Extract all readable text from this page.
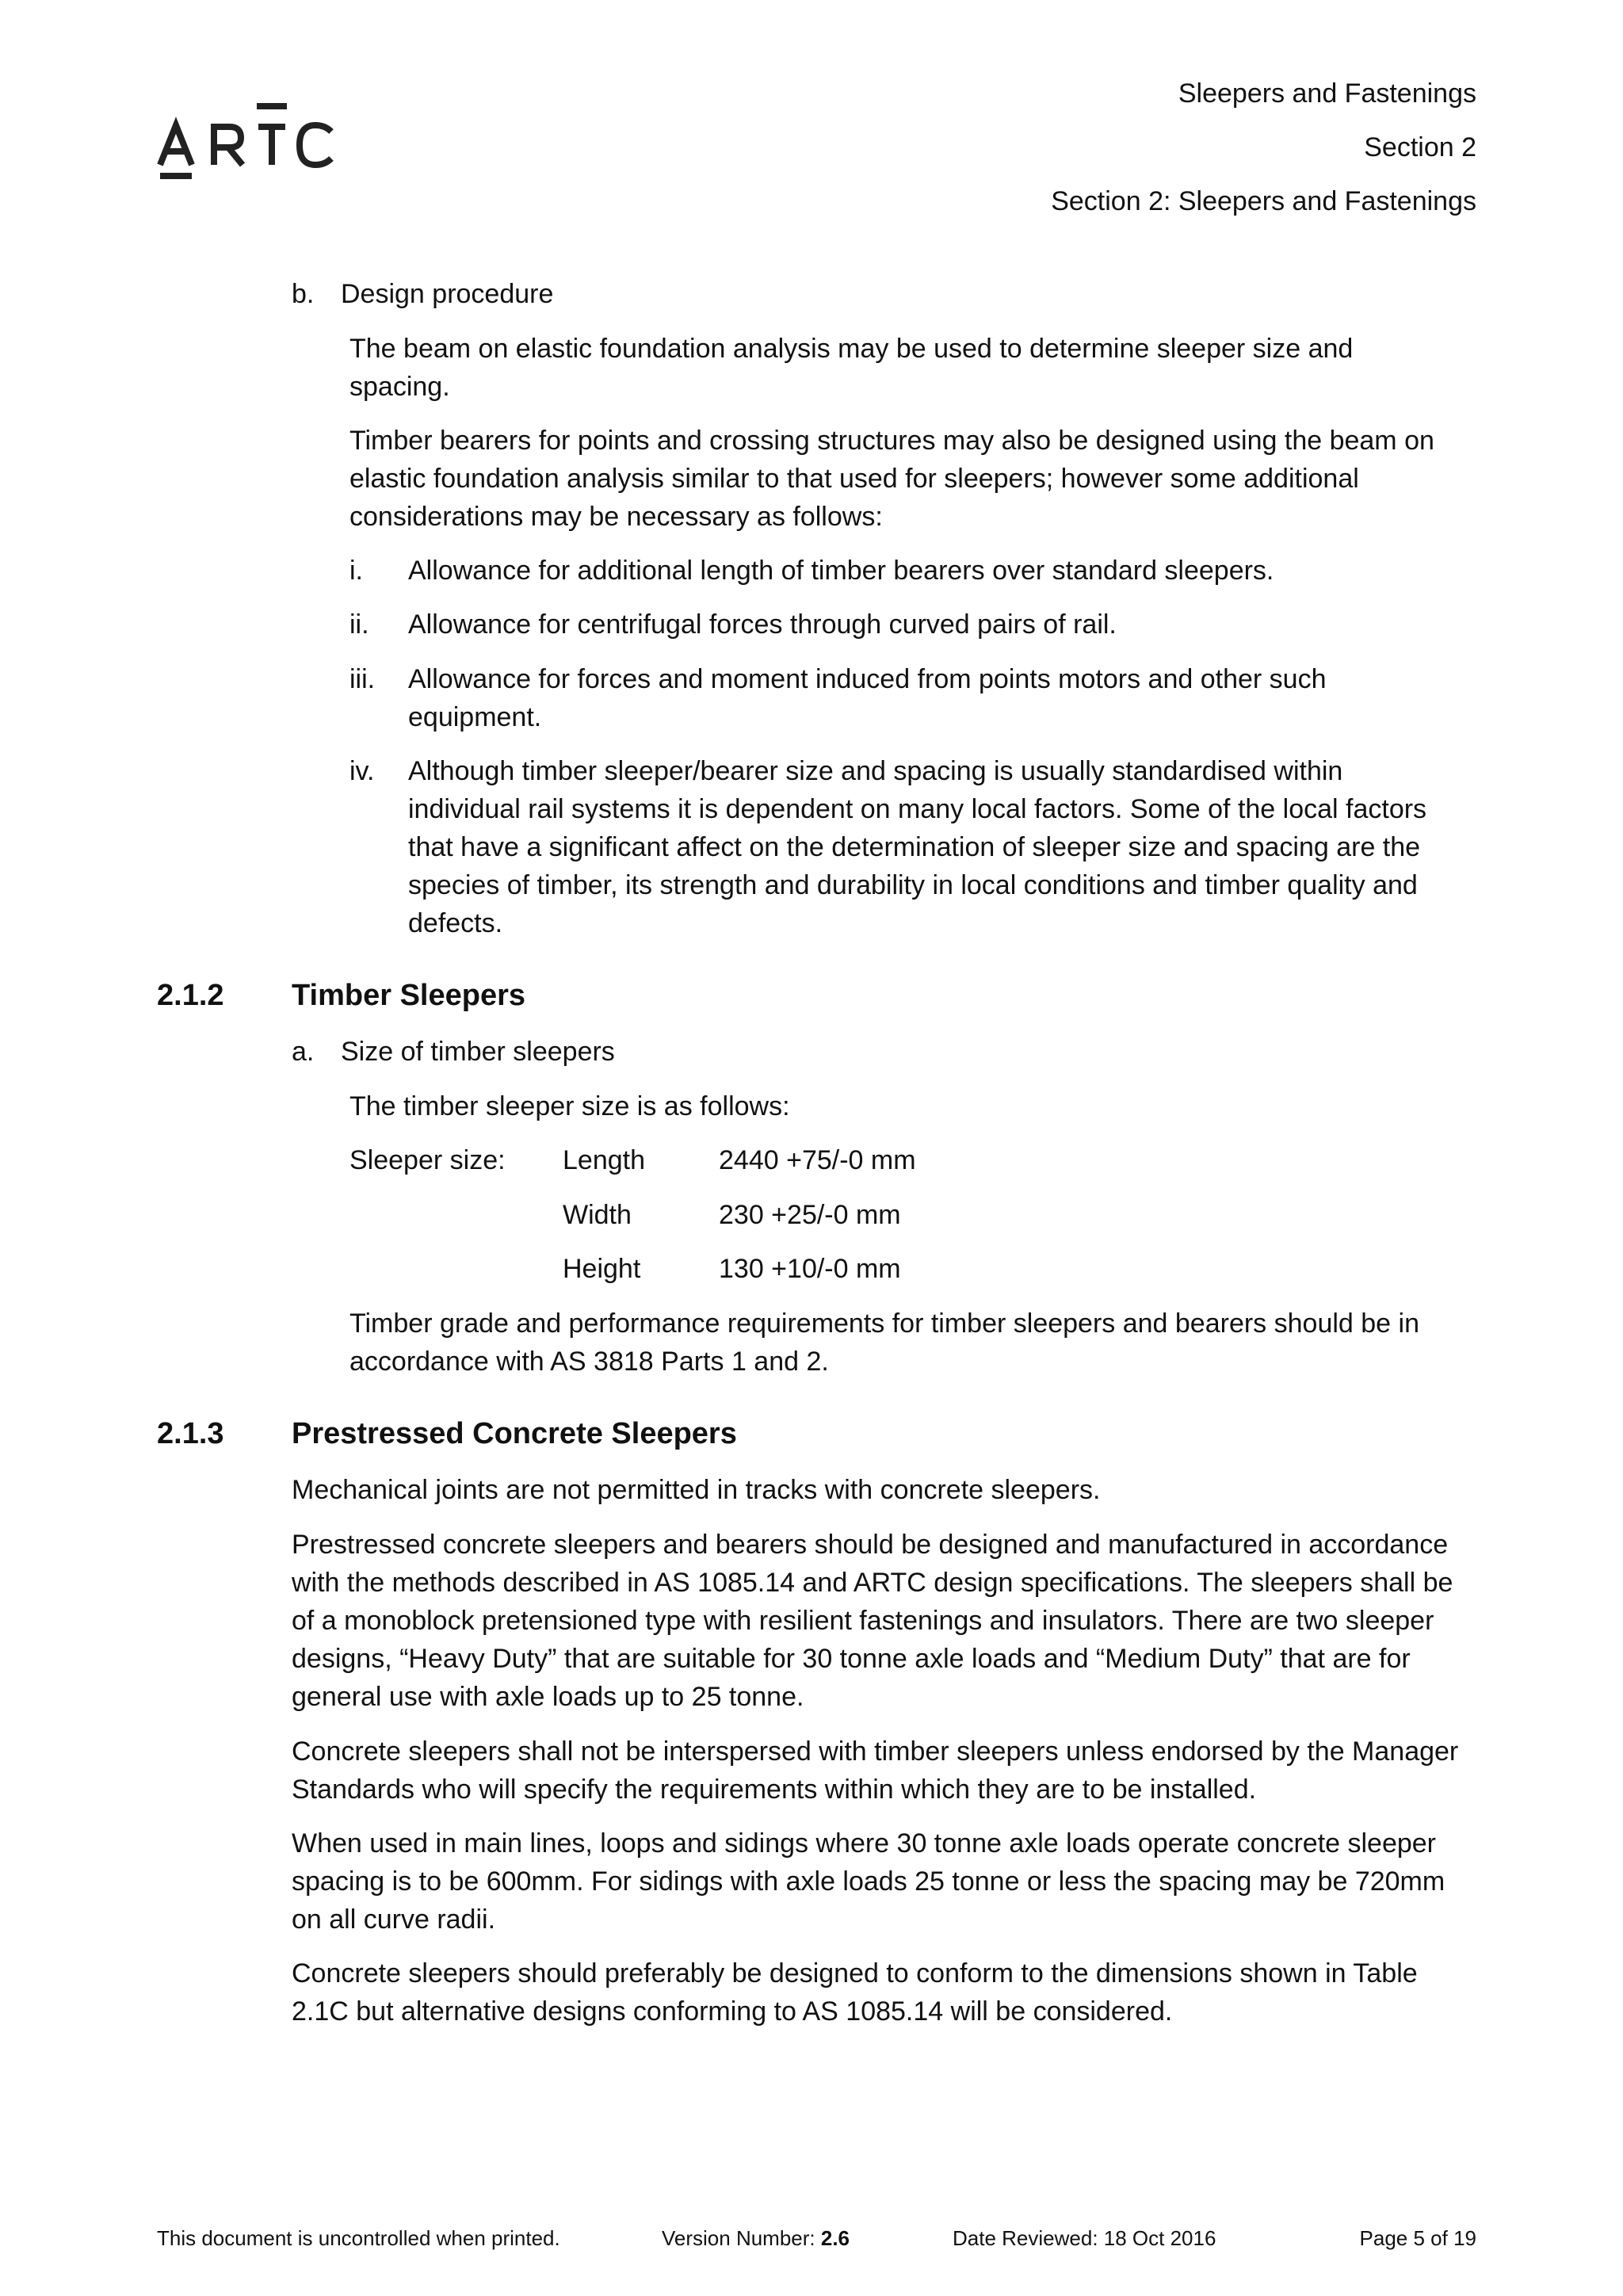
Sleepers and Fastenings
Section 2
Section 2: Sleepers and Fastenings
b. Design procedure
The beam on elastic foundation analysis may be used to determine sleeper size and spacing.
Timber bearers for points and crossing structures may also be designed using the beam on elastic foundation analysis similar to that used for sleepers; however some additional considerations may be necessary as follows:
i. Allowance for additional length of timber bearers over standard sleepers.
ii. Allowance for centrifugal forces through curved pairs of rail.
iii. Allowance for forces and moment induced from points motors and other such equipment.
iv. Although timber sleeper/bearer size and spacing is usually standardised within individual rail systems it is dependent on many local factors. Some of the local factors that have a significant affect on the determination of sleeper size and spacing are the species of timber, its strength and durability in local conditions and timber quality and defects.
2.1.2 Timber Sleepers
a. Size of timber sleepers
The timber sleeper size is as follows:
Sleeper size: Length	2440 +75/-0 mm
Width	230 +25/-0 mm
Height	130 +10/-0 mm
Timber grade and performance requirements for timber sleepers and bearers should be in accordance with AS 3818 Parts 1 and 2.
2.1.3 Prestressed Concrete Sleepers
Mechanical joints are not permitted in tracks with concrete sleepers.
Prestressed concrete sleepers and bearers should be designed and manufactured in accordance with the methods described in AS 1085.14 and ARTC design specifications. The sleepers shall be of a monoblock pretensioned type with resilient fastenings and insulators. There are two sleeper designs, “Heavy Duty” that are suitable for 30 tonne axle loads and “Medium Duty” that are for general use with axle loads up to 25 tonne.
Concrete sleepers shall not be interspersed with timber sleepers unless endorsed by the Manager Standards who will specify the requirements within which they are to be installed.
When used in main lines, loops and sidings where 30 tonne axle loads operate concrete sleeper spacing is to be 600mm. For sidings with axle loads 25 tonne or less the spacing may be 720mm on all curve radii.
Concrete sleepers should preferably be designed to conform to the dimensions shown in Table 2.1C but alternative designs conforming to AS 1085.14 will be considered.
This document is uncontrolled when printed.	Version Number: 2.6	Date Reviewed: 18 Oct 2016	Page 5 of 19
